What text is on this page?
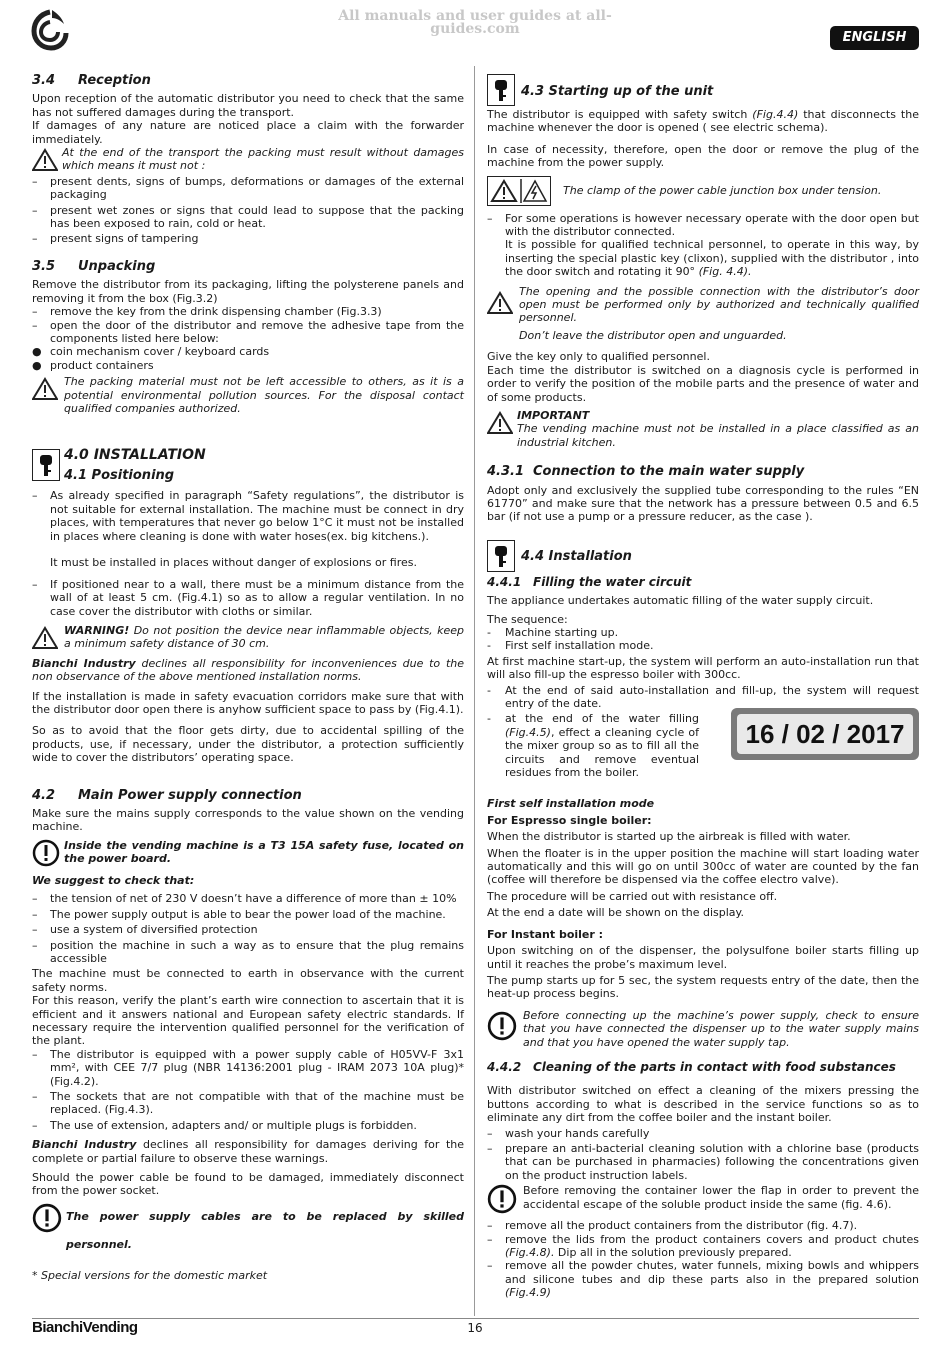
All manuals and user guides at all-guides.com
ENGLISH
3.4 Reception
Upon reception of the automatic distributor you need to check that the same has not suffered damages during the transport.
If damages of any nature are noticed place a claim with the forwarder immediately.
At the end of the transport the packing must result without damages which means it must not :
– present dents, signs of bumps, deformations or damages of the external packaging
– present wet zones or signs that could lead to suppose that the packing has been exposed to rain, cold or heat.
– present signs of tampering
3.5 Unpacking
Remove the distributor from its packaging, lifting the polysterene panels and removing it from the box (Fig.3.2)
– remove the key from the drink dispensing chamber (Fig.3.3)
– open the door of the distributor and remove the adhesive tape from the components listed here below:
● coin mechanism cover / keyboard cards
● product containers
The packing material must not be left accessible to others, as it is a potential environmental pollution sources. For the disposal contact qualified companies authorized.
4.0 INSTALLATION
4.1 Positioning
– As already specified in paragraph “Safety regulations”, the distributor is not suitable for external installation. The machine must be connect in dry places, with temperatures that never go below 1°C it must not be installed in places where cleaning is done with water hoses(ex. big kitchens.).

It must be installed in places without danger of explosions or fires.
– If positioned near to a wall, there must be a minimum distance from the wall of at least 5 cm. (Fig.4.1) so as to allow a regular ventilation. In no case cover the distributor with cloths or similar.
WARNING! Do not position the device near inflammable objects, keep a minimum safety distance of 30 cm.
Bianchi Industry declines all responsibility for inconveniences due to the non observance of the above mentioned installation norms.
If the installation is made in safety evacuation corridors make sure that with the distributor door open there is anyhow sufficient space to pass by (Fig.4.1).
So as to avoid that the floor gets dirty, due to accidental spilling of the products, use, if necessary, under the distributor, a protection sufficiently wide to cover the distributors’ operating space.
4.2 Main Power supply connection
Make sure the mains supply corresponds to the value shown on the vending machine.
Inside the vending machine is a T3 15A safety fuse, located on the power board.
We suggest to check that:
– the tension of net of 230 V doesn’t have a difference of more than ± 10%
– The power supply output is able to bear the power load of the machine.
– use a system of diversified protection
– position the machine in such a way as to ensure that the plug remains accessible
The machine must be connected to earth in observance with the current safety norms.
For this reason, verify the plant’s earth wire connection to ascertain that it is efficient and it answers national and European safety electric standards. If necessary require the intervention qualified personnel for the verification of the plant.
– The distributor is equipped with a power supply cable of H05VV-F 3x1 mm², with CEE 7/7 plug (NBR 14136:2001 plug - IRAM 2073 10A plug)* (Fig.4.2).
– The sockets that are not compatible with that of the machine must be replaced. (Fig.4.3).
– The use of extension, adapters and/ or multiple plugs is forbidden.
Bianchi Industry declines all responsibility for damages deriving for the complete or partial failure to observe these warnings.
Should the power cable be found to be damaged, immediately disconnect from the power socket.
The power supply cables are to be replaced by skilled personnel.
* Special versions for the domestic market
4.3 Starting up of the unit
The distributor is equipped with safety switch (Fig.4.4) that disconnects the machine whenever the door is opened ( see electric schema).
In case of necessity, therefore, open the door or remove the plug of the machine from the power supply.
The clamp of the power cable junction box under tension.
– For some operations is however necessary operate with the door open but with the distributor connected.
It is possible for qualified technical personnel, to operate in this way, by inserting the special plastic key (clixon), supplied with the distributor , into the door switch and rotating it 90° (Fig. 4.4).
The opening and the possible connection with the distributor’s door open must be performed only by authorized and technically qualified personnel.

Don’t leave the distributor open and unguarded.
Give the key only to qualified personnel.
Each time the distributor is switched on a diagnosis cycle is performed in order to verify the position of the mobile parts and the presence of water and of some products.
IMPORTANT
The vending machine must not be installed in a place classified as an industrial kitchen.
4.3.1 Connection to the main water supply
Adopt only and exclusively the supplied tube corresponding to the rules “EN 61770” and make sure that the network has a pressure between 0.5 and 6.5 bar (if not use a pump or a pressure reducer, as the case ).
4.4 Installation
4.4.1 Filling the water circuit
The appliance undertakes automatic filling of the water supply circuit.
The sequence:
- Machine starting up.
- First self installation mode.
At first machine start-up, the system will perform an auto-installation run that will also fill-up the espresso boiler with 300cc.
- At the end of said auto-installation and fill-up, the system will request entry of the date.
- at the end of the water filling (Fig.4.5), effect a cleaning cycle of the mixer group so as to fill all the circuits and remove eventual residues from the boiler.
16 / 02 / 2017
First self installation mode
For Espresso single boiler:
When the distributor is started up the airbreak is filled with water.
When the floater is in the upper position the machine will start loading water automatically and this will go on until 300cc of water are counted by the fan (coffee will therefore be dispensed via the coffee electro valve).
The procedure will be carried out with resistance off.
At the end a date will be shown on the display.
For Instant boiler :
Upon switching on of the dispenser, the polysulfone boiler starts filling up until it reaches the probe’s maximum level.
The pump starts up for 5 sec, the system requests entry of the date, then the heat-up process begins.
Before connecting up the machine’s power supply, check to ensure that you have connected the dispenser up to the water supply mains and that you have opened the water supply tap.
4.4.2 Cleaning of the parts in contact with food substances
With distributor switched on effect a cleaning of the mixers pressing the buttons according to what is described in the service functions so as to eliminate any dirt from the coffee boiler and the instant boiler.
– wash your hands carefully
– prepare an anti-bacterial cleaning solution with a chlorine base (products that can be purchased in pharmacies) following the concentrations given on the product instruction labels.
Before removing the container lower the flap in order to prevent the accidental escape of the soluble product inside the same (fig. 4.6).
– remove all the product containers from the distributor (fig. 4.7).
– remove the lids from the product containers covers and product chutes (Fig.4.8). Dip all in the solution previously prepared.
– remove all the powder chutes, water funnels, mixing bowls and whippers and silicone tubes and dip these parts also in the prepared solution (Fig.4.9)
BianchiVending	16
